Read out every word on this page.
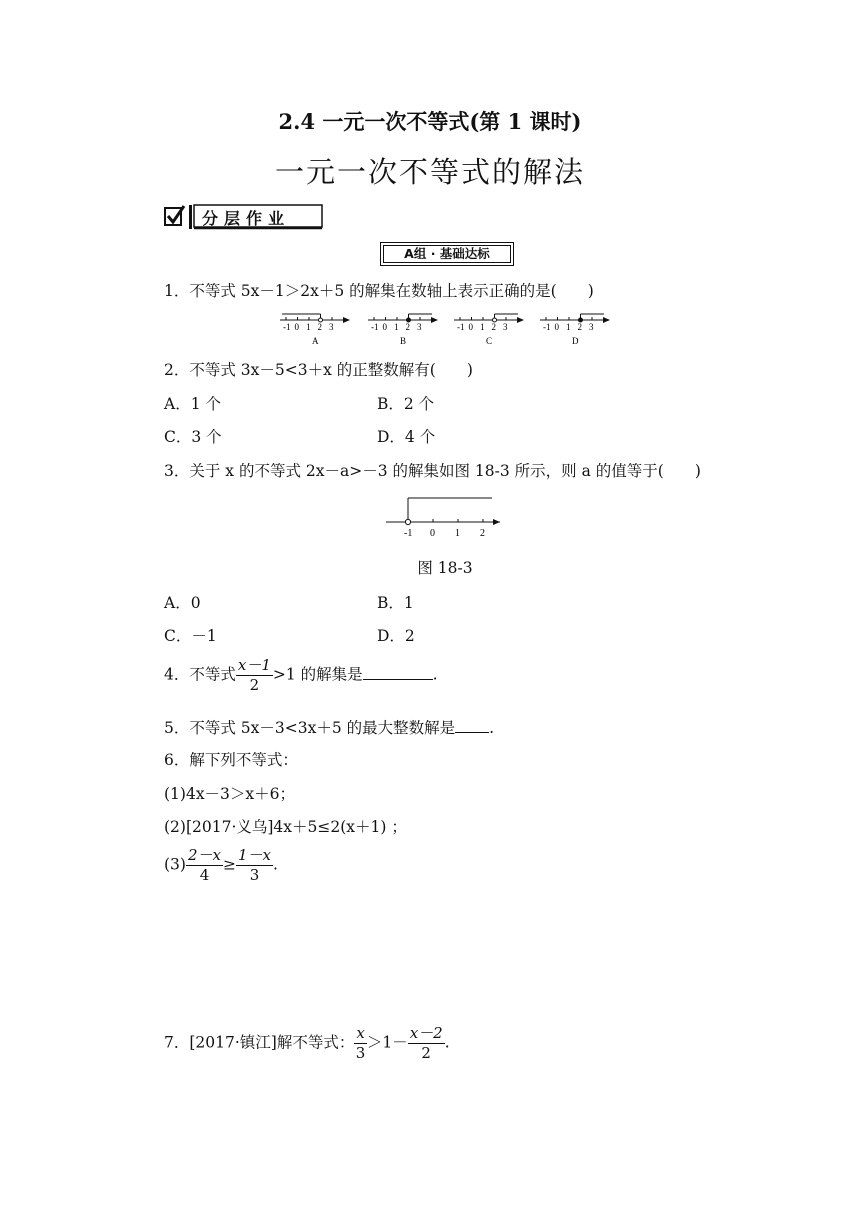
2.4 一元一次不等式(第 1 课时)
一元一次不等式的解法
分层作业
A组 · 基础达标
1．不等式 5x－1＞2x＋5 的解集在数轴上表示正确的是(　　)
-1 0 1 2 3
A
-1 0 1 2 3
B
-1 0 1 2 3
C
-1 0 1 2 3
D
2．不等式 3x－5<3＋x 的正整数解有(　　)
A．1 个	B．2 个
C．3 个	D．4 个
3．关于 x 的不等式 2x－a>－3 的解集如图 18-3 所示，则 a 的值等于(　　)
-1 0 1 2
图 18-3
A．0	B．1
C．－1	D．2
4．不等式 $\frac{x-1}{2} >1$ 的解集是	.
5．不等式 5x－3<3x＋5 的最大整数解是 .
6．解下列不等式：
(1)4x－3＞x＋6；
(2)[2017·义乌]4x＋5≤2(x＋1) ；
$(3) \frac{2-x}{4} \ge \frac{1-x}{3}$ .
7．[2017·镇江]解不等式： $\frac{x}{3} >1- \frac{x-2}{2}$ .
